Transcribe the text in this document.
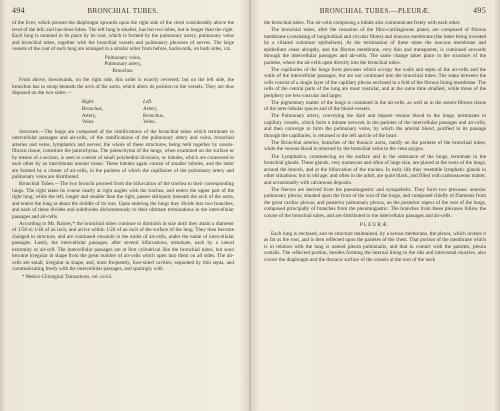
494	BRONCHIAL TUBES.

of the liver, which presses the diaphragm upwards upon the right side of the chest considerably above the level of the left; and has three lobes. The left lung is smaller, has but two lobes, but is longer than the right. Each lung is retained in its place by its root, which is formed by the pulmonary artery, pulmonary veins and bronchial tubes, together with the bronchial vessels and pulmonary plexuses of nerves. The large vessels of the root of each lung are arranged in a similar order from before, backwards, on both sides, viz.

Pulmonary veins,
Pulmonary artery,
Bronchus.

From above, downwards, on the right side, this order is exactly reversed; but on the left side, the bronchus has to stoop beneath the arch of the aorta, which alters its position to the vessels. They are thus disposed on the two sides:—

Right.
Bronchus,
Artery,
Veins.
Left.
Artery,
Bronchus,
Veins.

Structure.—The lungs are composed of the ramifications of the bronchial tubes which terminate in intercellular passages and air-cells, of the ramifications of the pulmonary artery and veins, bronchial arteries and veins, lymphatics and nerves; the whole of these structures, being held together by areolo-fibrous tissue, constitute the parenchyma. The parenchyma of the lungs, when examined on the surface or by means of a section, is seen to consist of small polyhedral divisions, or lobules, which are connected to each other by an interlobular areolar tissue. These lobules again consist of smaller lobules, and the latter are formed by a cluster of air-cells, in the parietes of which the capillaries of the pulmonary artery and pulmonary veins are distributed.

Bronchial Tubes.—The two bronchi proceed from the bifurcation of the trachea to their corresponding lungs. The right takes its course nearly at right angles with the trachea, and enters the upper part of the right lung; while the left, longer and smaller than the right, passes obliquely beneath the arch of the aorta, and enters the lung at about the middle of its root. Upon entering the lungs they divide into two branches, and each of these divides and subdivides dichotomously to their ultimate terminations in the intercellular passages and air-cells.

According to Mr. Rainey,* the bronchial tubes continue to diminish in size until they attain a diameter of 1/50 to 1/40 of an inch, and arrive within 1/20 of an inch of the surface of the lung. They then become changed in structure, and are continued onwards in the midst of air-cells, under the name of intercellular passages. Lastly, the intercellular passages, after several bifurcations, terminate, each by a caecal extremity or air-cell. The intercellular passages are at first cylindrical like the bronchial tubes, but soon become irregular in shape from the great number of air-cells which open into them on all sides. The air-cells are small, irregular in shape, and, most frequently, four-sided cavities, separated by thin septa, and communicating freely with the intercellular passages, and sparingly with

* Medico-Chirurgical Transactions, vol. xxviii.
BRONCHIAL TUBES.—PLEURÆ.	495

the bronchial tubes. The air-cells composing a lobule also communicate freely with each other.

The bronchial tubes, after the cessation of the fibro-cartilaginous plates, are composed of fibrous membrane (consisting of longitudinal and circular fibres) and mucous membrane (the latter being invested by a ciliated columnar epithelium). At the termination of these tubes the mucous membrane and epithelium cease abruptly, and the fibrous membrane, very thin and transparent, is continued onwards through the intercellular passages and air-cells. The same change takes place in the structure of the parietes, where the air-cells open directly into the bronchial tubes.

The capillaries of the lungs form plexuses which occupy the walls and septa of the air-cells and the walls of the intercellular passages, but are not continued into the bronchial tubes. The septa between the cells consist of a single layer of the capillary plexus enclosed in a fold of the fibrous lining membrane. The cells of the central parts of the lung are most vascular, and at the same time smallest, while those of the periphery are less vascular and larger.

The pigmentary matter of the lungs is contained in the air-cells, as well as in the areolo-fibrous tissue of the inter-lobular spaces and of the blood-vessels.

The Pulmonary artery, conveying the dark and impure venous blood to the lungs, terminates in capillary vessels, which form a minute network in the parietes of the intercellular passages and air-cells, and then converge to form the pulmonary veins, by which the arterial blood, purified in its passage through the capillaries, is returned to the left auricle of the heart.

The Bronchial arteries, branches of the thoracic aorta, ramify on the parietes of the bronchial tubes, while the venous blood is returned by the bronchial veins to the vena azygos.

The Lymphatics, commencing on the surface and in the substance of the lungs, terminate in the bronchial glands. These glands, very numerous and often of large size, are placed at the roots of the lungs, around the bronch, and at the bifurcation of the trachea. In early life they resemble lymphatic glands in other situations; but in old age, and often in the adult, are quite black, and filled with carbonaceous matter, and occasionally with calcareous deposits.

The Nerves are derived from the pneumogastric and sympathetic. They form two plexuses: anterior pulmonary plexus, situated upon the front of the root of the lungs, and composed chiefly of filaments from the great cardiac plexus; and posterior pulmonary plexus, on the posterior aspect of the root of the lungs, composed principally of branches from the pneumogastric. The branches from these plexuses follow the course of the bronchial tubes, and are distributed to the intercellular passages and air-cells.

PLEURÆ.

Each lung is enclosed, and its structure maintained, by a serous membrane, the pleura, which invests it as far as the root, and is then reflected upon the parietes of the chest. That portion of the membrane which is in relation with the lung is named pleura pulmonalis, and that in contact with the parietes, pleura costalis. The reflected portion, besides forming the internal lining to the ribs and intercostal muscles, also covers the diaphragm and the thoracic surface of the vessels at the root of the neck
